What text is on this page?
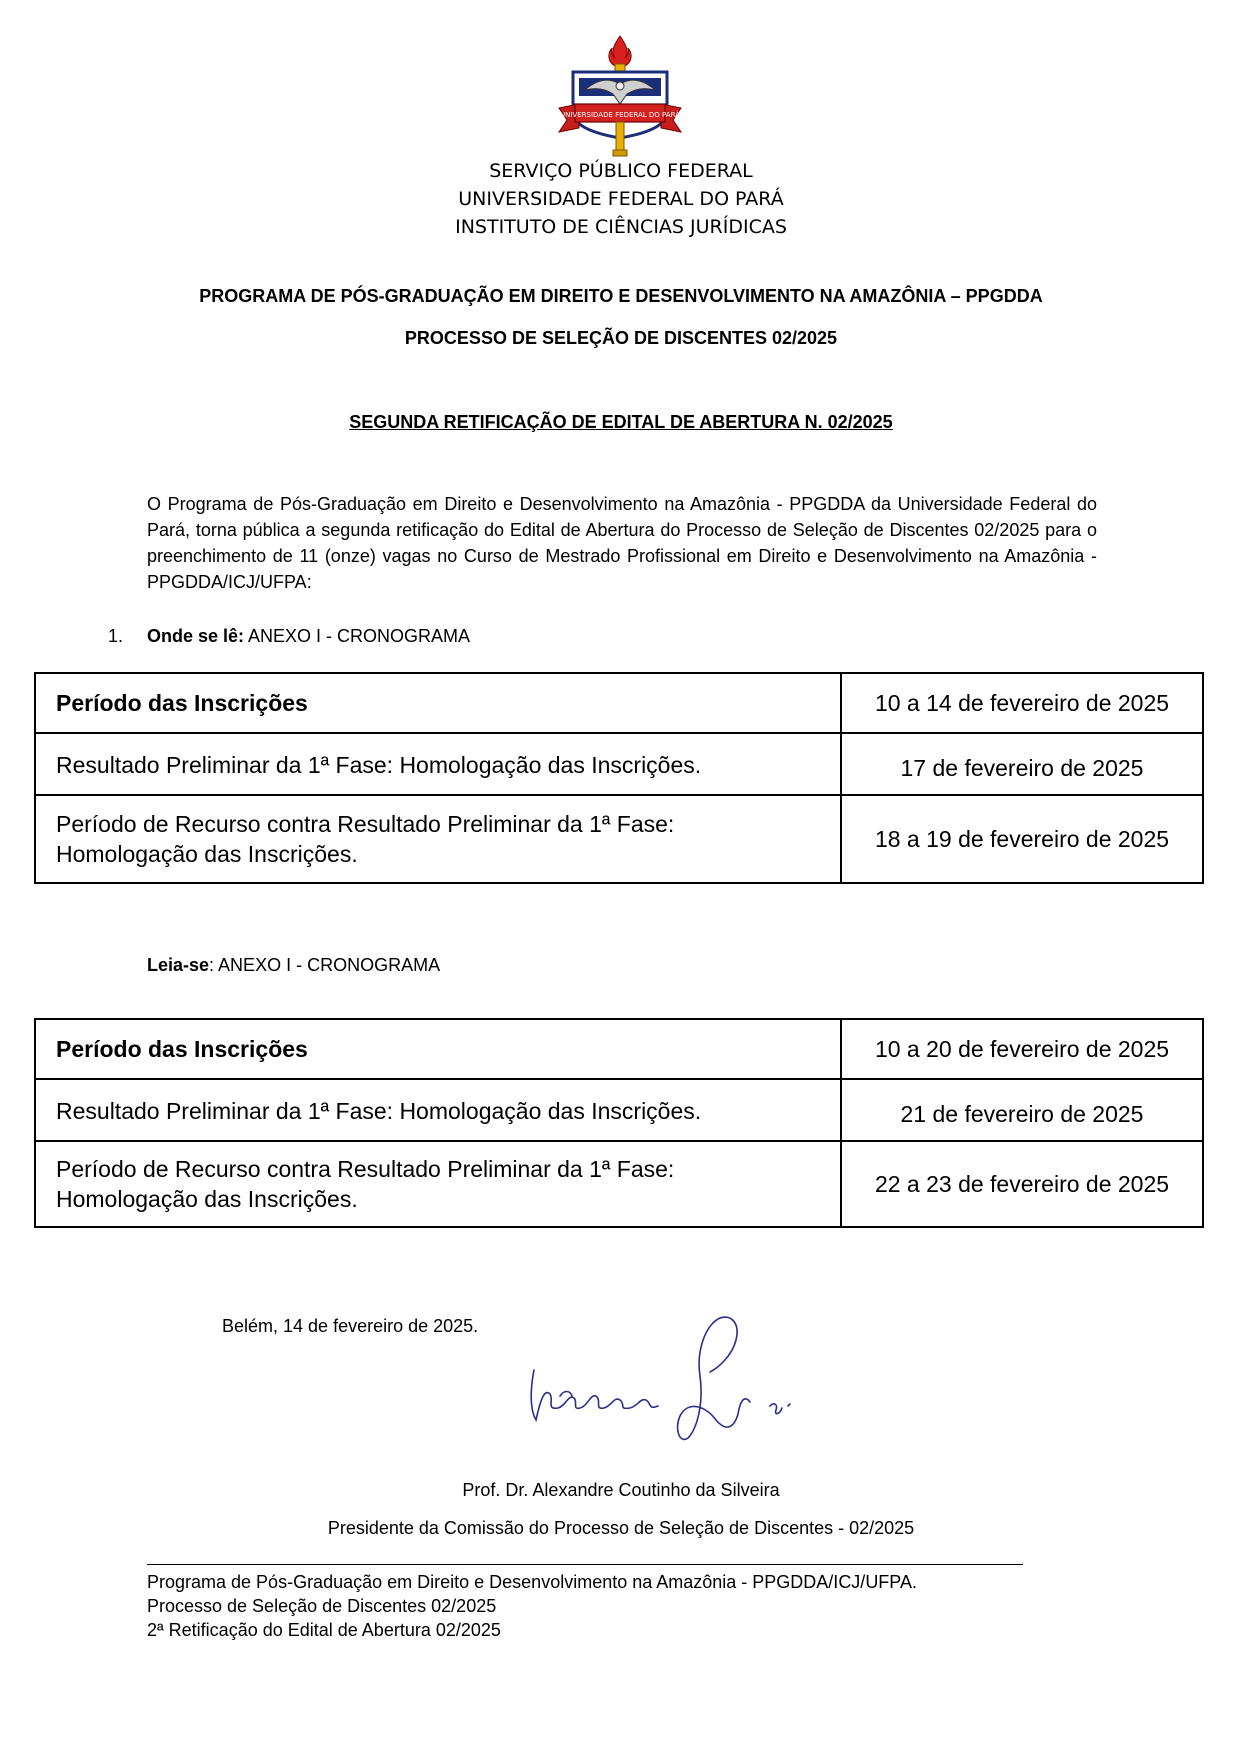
UNIVERSIDADE FEDERAL DO PARÁ
SERVIÇO PÚBLICO FEDERAL
UNIVERSIDADE FEDERAL DO PARÁ
INSTITUTO DE CIÊNCIAS JURÍDICAS
PROGRAMA DE PÓS-GRADUAÇÃO EM DIREITO E DESENVOLVIMENTO NA AMAZÔNIA – PPGDDA
PROCESSO DE SELEÇÃO DE DISCENTES 02/2025
SEGUNDA RETIFICAÇÃO DE EDITAL DE ABERTURA N. 02/2025
O Programa de Pós-Graduação em Direito e Desenvolvimento na Amazônia - PPGDDA da Universidade Federal do Pará, torna pública a segunda retificação do Edital de Abertura do Processo de Seleção de Discentes 02/2025 para o preenchimento de 11 (onze) vagas no Curso de Mestrado Profissional em Direito e Desenvolvimento na Amazônia - PPGDDA/ICJ/UFPA:
1. Onde se lê: ANEXO I - CRONOGRAMA
Período das Inscrições	10 a 14 de fevereiro de 2025
Resultado Preliminar da 1ª Fase: Homologação das Inscrições.	17 de fevereiro de 2025
Período de Recurso contra Resultado Preliminar da 1ª Fase: Homologação das Inscrições.	18 a 19 de fevereiro de 2025
Leia-se: ANEXO I - CRONOGRAMA
Período das Inscrições	10 a 20 de fevereiro de 2025
Resultado Preliminar da 1ª Fase: Homologação das Inscrições.	21 de fevereiro de 2025
Período de Recurso contra Resultado Preliminar da 1ª Fase: Homologação das Inscrições.	22 a 23 de fevereiro de 2025
Belém, 14 de fevereiro de 2025.
Prof. Dr. Alexandre Coutinho da Silveira
Presidente da Comissão do Processo de Seleção de Discentes - 02/2025
Programa de Pós-Graduação em Direito e Desenvolvimento na Amazônia - PPGDDA/ICJ/UFPA.
Processo de Seleção de Discentes 02/2025
2ª Retificação do Edital de Abertura 02/2025
